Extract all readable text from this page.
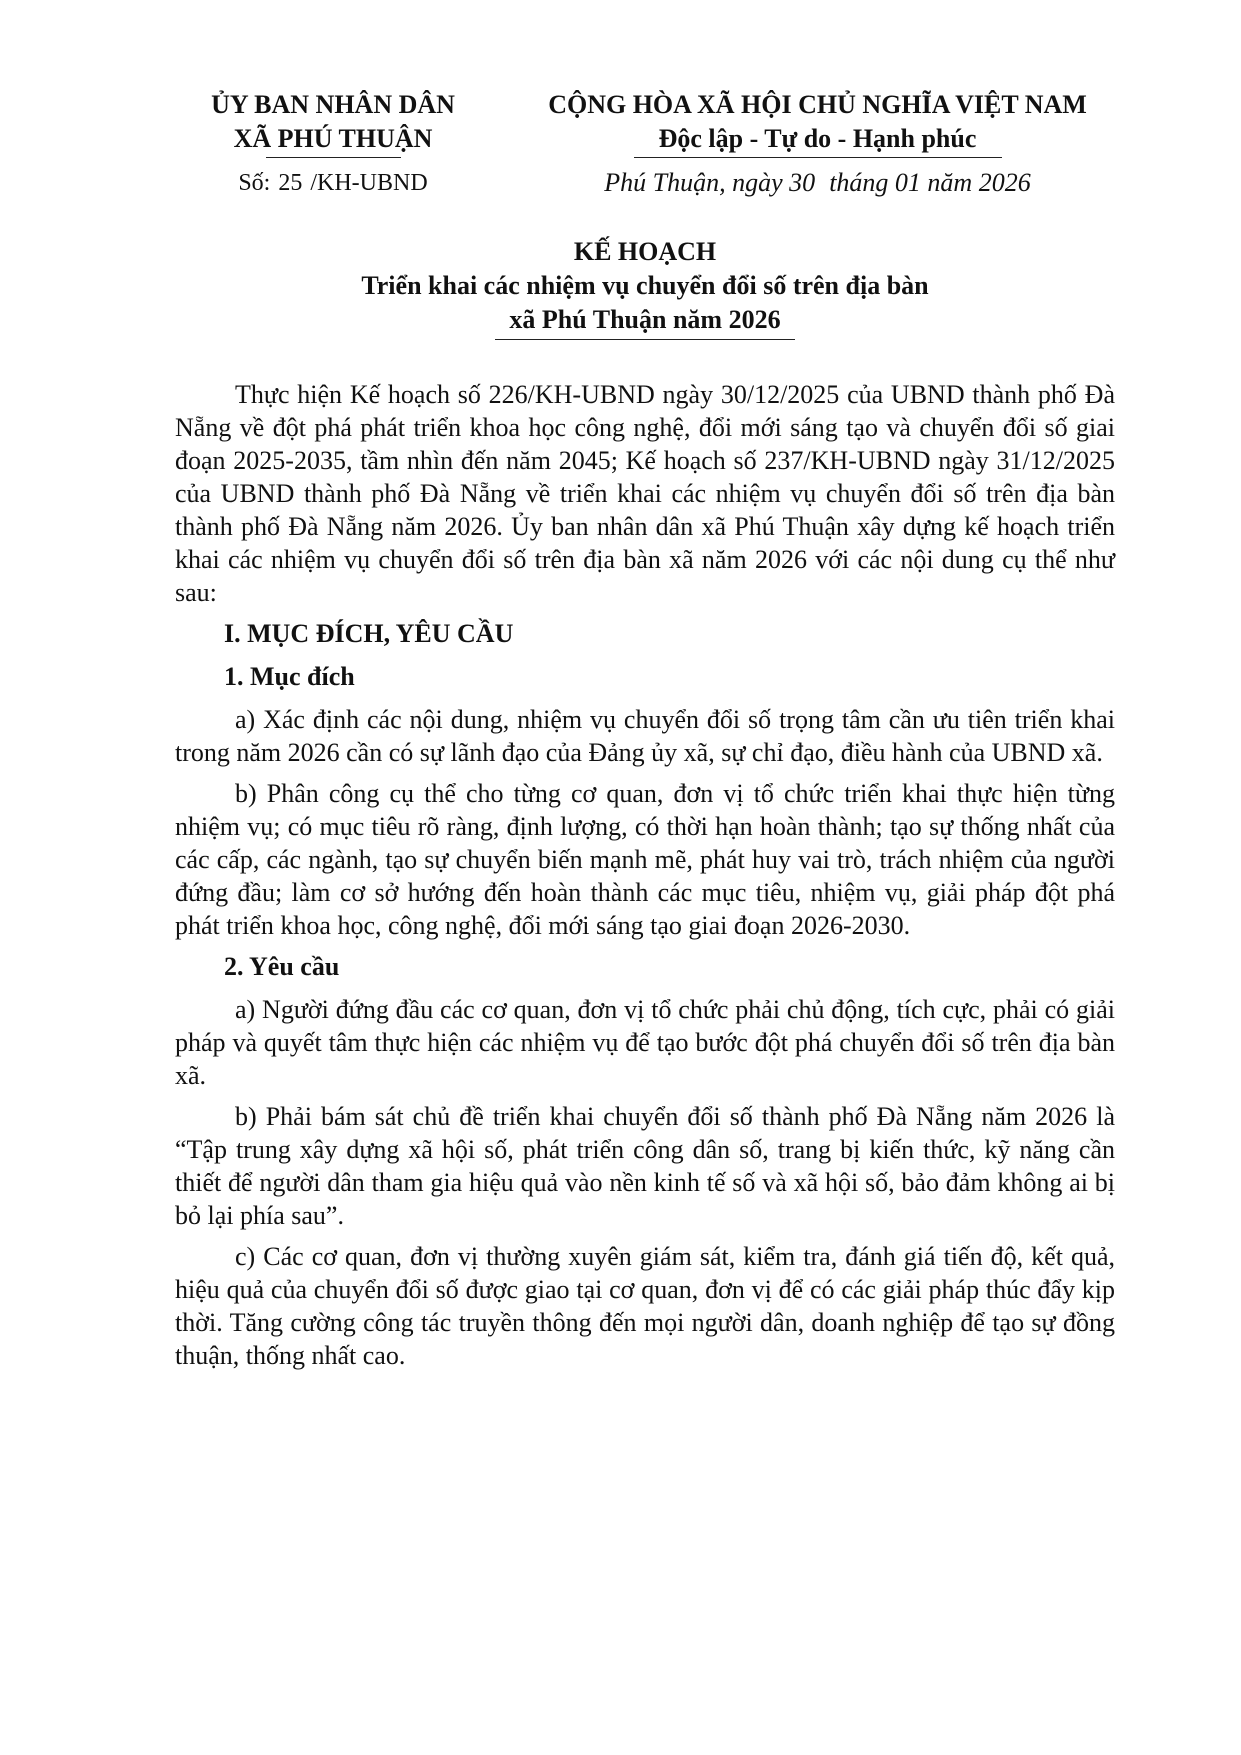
ỦY BAN NHÂN DÂN
XÃ PHÚ THUẬN
Số: 25 /KH-UBND
CỘNG HÒA XÃ HỘI CHỦ NGHĨA VIỆT NAM
Độc lập - Tự do - Hạnh phúc
Phú Thuận, ngày 30 tháng 01 năm 2026
KẾ HOẠCH
Triển khai các nhiệm vụ chuyển đổi số trên địa bàn
xã Phú Thuận năm 2026

Thực hiện Kế hoạch số 226/KH-UBND ngày 30/12/2025 của UBND thành phố Đà Nẵng về đột phá phát triển khoa học công nghệ, đổi mới sáng tạo và chuyển đổi số giai đoạn 2025-2035, tầm nhìn đến năm 2045; Kế hoạch số 237/KH-UBND ngày 31/12/2025 của UBND thành phố Đà Nẵng về triển khai các nhiệm vụ chuyển đổi số trên địa bàn thành phố Đà Nẵng năm 2026. Ủy ban nhân dân xã Phú Thuận xây dựng kế hoạch triển khai các nhiệm vụ chuyển đổi số trên địa bàn xã năm 2026 với các nội dung cụ thể như sau:

I. MỤC ĐÍCH, YÊU CẦU
1. Mục đích

a) Xác định các nội dung, nhiệm vụ chuyển đổi số trọng tâm cần ưu tiên triển khai trong năm 2026 cần có sự lãnh đạo của Đảng ủy xã, sự chỉ đạo, điều hành của UBND xã.

b) Phân công cụ thể cho từng cơ quan, đơn vị tổ chức triển khai thực hiện từng nhiệm vụ; có mục tiêu rõ ràng, định lượng, có thời hạn hoàn thành; tạo sự thống nhất của các cấp, các ngành, tạo sự chuyển biến mạnh mẽ, phát huy vai trò, trách nhiệm của người đứng đầu; làm cơ sở hướng đến hoàn thành các mục tiêu, nhiệm vụ, giải pháp đột phá phát triển khoa học, công nghệ, đổi mới sáng tạo giai đoạn 2026-2030.

2. Yêu cầu

a) Người đứng đầu các cơ quan, đơn vị tổ chức phải chủ động, tích cực, phải có giải pháp và quyết tâm thực hiện các nhiệm vụ để tạo bước đột phá chuyển đổi số trên địa bàn xã.

b) Phải bám sát chủ đề triển khai chuyển đổi số thành phố Đà Nẵng năm 2026 là “Tập trung xây dựng xã hội số, phát triển công dân số, trang bị kiến thức, kỹ năng cần thiết để người dân tham gia hiệu quả vào nền kinh tế số và xã hội số, bảo đảm không ai bị bỏ lại phía sau”.

c) Các cơ quan, đơn vị thường xuyên giám sát, kiểm tra, đánh giá tiến độ, kết quả, hiệu quả của chuyển đổi số được giao tại cơ quan, đơn vị để có các giải pháp thúc đẩy kịp thời. Tăng cường công tác truyền thông đến mọi người dân, doanh nghiệp để tạo sự đồng thuận, thống nhất cao.
